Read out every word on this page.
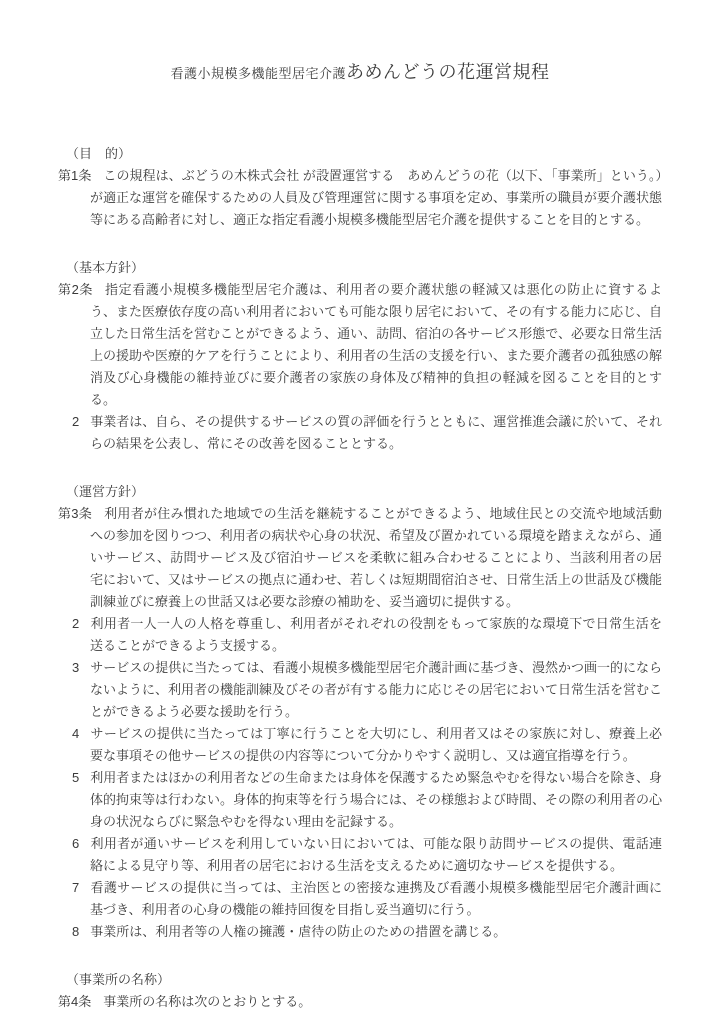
看護小規模多機能型居宅介護あめんどうの花運営規程

（目　的）

第1条 この規程は、ぶどうの木株式会社 が設置運営する　あめんどうの花（以下、「事業所」という。）が適正な運営を確保するための人員及び管理運営に関する事項を定め、事業所の職員が要介護状態等にある高齢者に対し、適正な指定看護小規模多機能型居宅介護を提供することを目的とする。

（基本方針）

第2条 指定看護小規模多機能型居宅介護は、利用者の要介護状態の軽減又は悪化の防止に資するよう、また医療依存度の高い利用者においても可能な限り居宅において、その有する能力に応じ、自立した日常生活を営むことができるよう、通い、訪問、宿泊の各サービス形態で、必要な日常生活上の援助や医療的ケアを行うことにより、利用者の生活の支援を行い、また要介護者の孤独感の解消及び心身機能の維持並びに要介護者の家族の身体及び精神的負担の軽減を図ることを目的とする。

2 事業者は、自ら、その提供するサービスの質の評価を行うとともに、運営推進会議に於いて、それらの結果を公表し、常にその改善を図ることとする。

（運営方針）

第3条 利用者が住み慣れた地域での生活を継続することができるよう、地域住民との交流や地域活動への参加を図りつつ、利用者の病状や心身の状況、希望及び置かれている環境を踏まえながら、通いサービス、訪問サービス及び宿泊サービスを柔軟に組み合わせることにより、当該利用者の居宅において、又はサービスの拠点に通わせ、若しくは短期間宿泊させ、日常生活上の世話及び機能訓練並びに療養上の世話又は必要な診療の補助を、妥当適切に提供する。

2 利用者一人一人の人格を尊重し、利用者がそれぞれの役割をもって家族的な環境下で日常生活を送ることができるよう支援する。

3 サービスの提供に当たっては、看護小規模多機能型居宅介護計画に基づき、漫然かつ画一的にならないように、利用者の機能訓練及びその者が有する能力に応じその居宅において日常生活を営むことができるよう必要な援助を行う。

4 サービスの提供に当たっては丁寧に行うことを大切にし、利用者又はその家族に対し、療養上必要な事項その他サービスの提供の内容等について分かりやすく説明し、又は適宜指導を行う。

5 利用者またはほかの利用者などの生命または身体を保護するため緊急やむを得ない場合を除き、身体的拘束等は行わない。身体的拘束等を行う場合には、その様態および時間、その際の利用者の心身の状況ならびに緊急やむを得ない理由を記録する。

6 利用者が通いサービスを利用していない日においては、可能な限り訪問サービスの提供、電話連絡による見守り等、利用者の居宅における生活を支えるために適切なサービスを提供する。

7 看護サービスの提供に当っては、主治医との密接な連携及び看護小規模多機能型居宅介護計画に基づき、利用者の心身の機能の維持回復を目指し妥当適切に行う。

8 事業所は、利用者等の人権の擁護・虐待の防止のための措置を講じる。

（事業所の名称）

第4条 事業所の名称は次のとおりとする。
